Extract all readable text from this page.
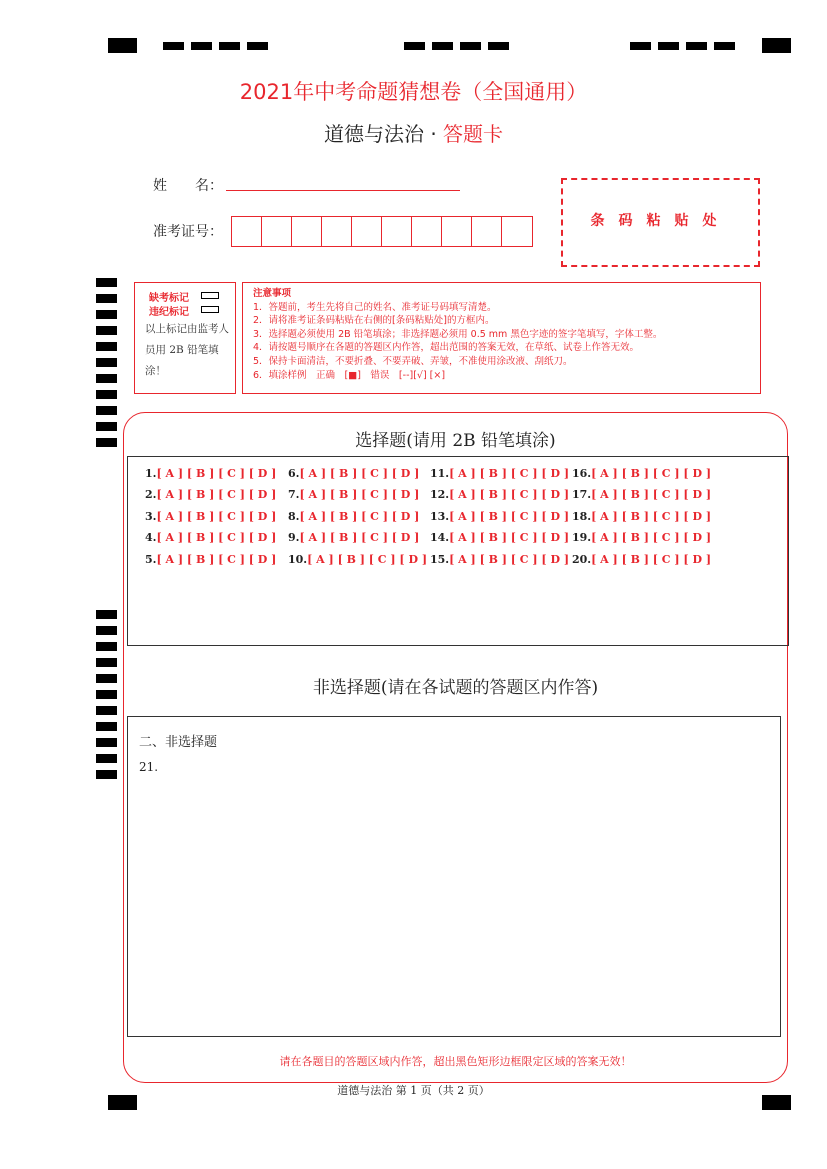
2021年中考命题猜想卷（全国通用）
道德与法治 · 答题卡
姓　　名：
准考证号：
条码粘贴处
缺考标记
违纪标记
以上标记由监考人员用 2B 铅笔填涂！
注意事项
1．答题前，考生先将自己的姓名、准考证号码填写清楚。
2．请将准考证条码粘贴在右侧的[条码粘贴处]的方框内。
3．选择题必须使用 2B 铅笔填涂；非选择题必须用 0.5 mm 黑色字迹的签字笔填写，字体工整。
4．请按题号顺序在各题的答题区内作答，超出范围的答案无效，在草纸、试卷上作答无效。
5．保持卡面清洁，不要折叠、不要弄破、弄皱，不准使用涂改液、刮纸刀。
6．填涂样例　正确　[■]　错误　[--][√] [×]
选择题(请用 2B 铅笔填涂)
1.[ A ] [ B ] [ C ] [ D ]
2.[ A ] [ B ] [ C ] [ D ]
3.[ A ] [ B ] [ C ] [ D ]
4.[ A ] [ B ] [ C ] [ D ]
5.[ A ] [ B ] [ C ] [ D ]
6.[ A ] [ B ] [ C ] [ D ]
7.[ A ] [ B ] [ C ] [ D ]
8.[ A ] [ B ] [ C ] [ D ]
9.[ A ] [ B ] [ C ] [ D ]
10.[ A ] [ B ] [ C ] [ D ]
11.[ A ] [ B ] [ C ] [ D ]
12.[ A ] [ B ] [ C ] [ D ]
13.[ A ] [ B ] [ C ] [ D ]
14.[ A ] [ B ] [ C ] [ D ]
15.[ A ] [ B ] [ C ] [ D ]
16.[ A ] [ B ] [ C ] [ D ]
17.[ A ] [ B ] [ C ] [ D ]
18.[ A ] [ B ] [ C ] [ D ]
19.[ A ] [ B ] [ C ] [ D ]
20.[ A ] [ B ] [ C ] [ D ]
非选择题(请在各试题的答题区内作答)
二、非选择题
21.
请在各题目的答题区域内作答，超出黑色矩形边框限定区域的答案无效！
道德与法治 第 1 页（共 2 页）
